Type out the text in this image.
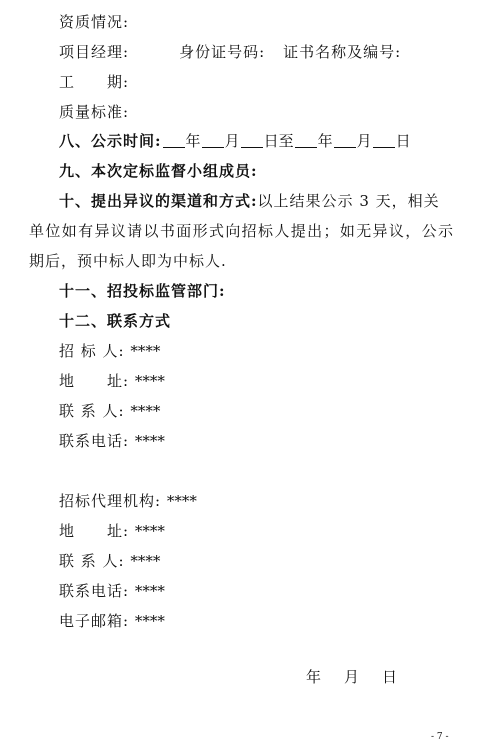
资质情况:
项目经理:	身份证号码: 证书名称及编号:
工　　期:
质量标准:
八、公示时间: 年 月 日至 年 月 日
九、本次定标监督小组成员:
十、提出异议的渠道和方式:以上结果公示 3 天，相关
单位如有异议请以书面形式向招标人提出；如无异议，公示
期后，预中标人即为中标人.
十一、招投标监管部门:
十二、联系方式
招 标 人: ****
地　　址: ****
联 系 人: ****
联系电话: ****
招标代理机构: ****
地　　址: ****
联 系 人: ****
联系电话: ****
电子邮箱: ****
年　月　日
- 7 -
